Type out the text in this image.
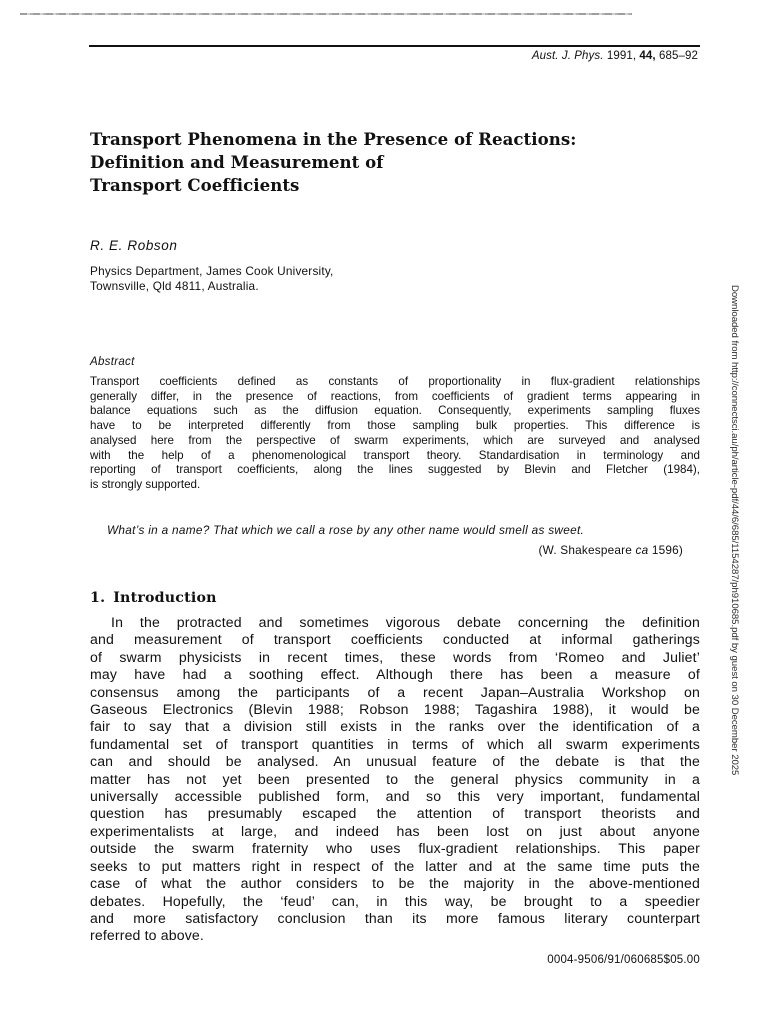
Aust. J. Phys. 1991, 44, 685–92

Transport Phenomena in the Presence of Reactions:
Definition and Measurement of
Transport Coefficients

R. E. Robson

Physics Department, James Cook University,
Townsville, Qld 4811, Australia.

Abstract

Transport coefficients defined as constants of proportionality in flux-gradient relationships
generally differ, in the presence of reactions, from coefficients of gradient terms appearing in
balance equations such as the diffusion equation. Consequently, experiments sampling fluxes
have to be interpreted differently from those sampling bulk properties. This difference is
analysed here from the perspective of swarm experiments, which are surveyed and analysed
with the help of a phenomenological transport theory. Standardisation in terminology and
reporting of transport coefficients, along the lines suggested by Blevin and Fletcher (1984),
is strongly supported.

What’s in a name? That which we call a rose by any other name would smell as sweet.

(W. Shakespeare ca 1596)

1. Introduction
In the protracted and sometimes vigorous debate concerning the definition
and measurement of transport coefficients conducted at informal gatherings
of swarm physicists in recent times, these words from ‘Romeo and Juliet’
may have had a soothing effect. Although there has been a measure of
consensus among the participants of a recent Japan–Australia Workshop on
Gaseous Electronics (Blevin 1988; Robson 1988; Tagashira 1988), it would be
fair to say that a division still exists in the ranks over the identification of a
fundamental set of transport quantities in terms of which all swarm experiments
can and should be analysed. An unusual feature of the debate is that the
matter has not yet been presented to the general physics community in a
universally accessible published form, and so this very important, fundamental
question has presumably escaped the attention of transport theorists and
experimentalists at large, and indeed has been lost on just about anyone
outside the swarm fraternity who uses flux-gradient relationships. This paper
seeks to put matters right in respect of the latter and at the same time puts the
case of what the author considers to be the majority in the above-mentioned
debates. Hopefully, the ‘feud’ can, in this way, be brought to a speedier
and more satisfactory conclusion than its more famous literary counterpart
referred to above.

0004-9506/91/060685$05.00

Downloaded from http://connectsci.au/ph/article-pdf/44/6/685/1154287/ph910685.pdf by guest on 30 December 2025
